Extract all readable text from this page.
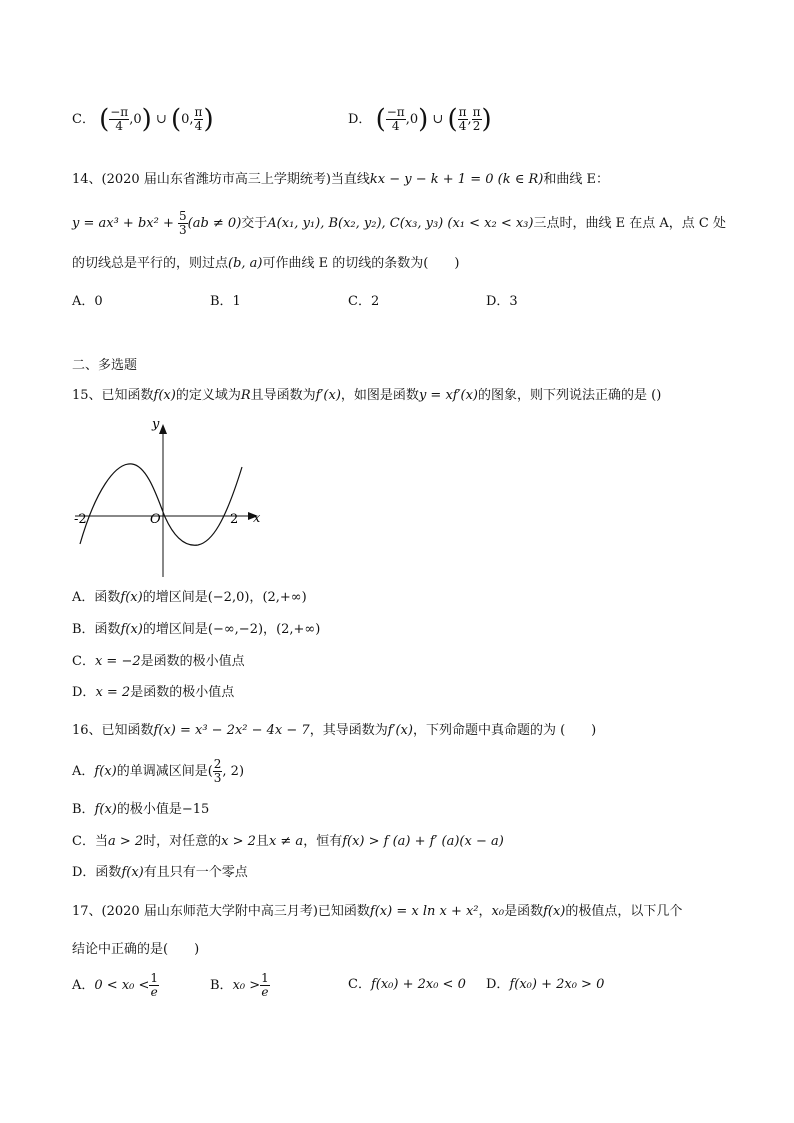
C． ( $\frac{-\pi}{4} ,0$) ∪ (0, $\frac{\pi}{4}$ )	D． ( $\frac{-\pi}{4} ,0$) ∪ ( $\frac{\pi}{4}$ , $\frac{\pi}{2}$ )
14、(2020 届山东省潍坊市高三上学期统考)当直线kx − y − k + 1 = 0 (k ∈ R)和曲线 E：
$y = ax^3 + bx^2 + \frac{5}{3} (ab \ne 0)$交于A(x₁, y₁), B(x₂, y₂), C(x₃, y₃) (x₁ < x₂ < x₃)三点时，曲线 E 在点 A，点 C 处
的切线总是平行的，则过点(b, a)可作曲线 E 的切线的条数为(　　)
A．0	B．1	C．2	D．3
二、多选题
15、已知函数f(x)的定义域为R且导函数为f′(x)，如图是函数y = xf′(x)的图象，则下列说法正确的是 ()
y
x
O
-2	2
A．函数f(x)的增区间是(−2,0)，(2,+∞)
B．函数f(x)的增区间是(−∞,−2)，(2,+∞)
C．x = −2是函数的极小值点
D．x = 2是函数的极小值点
16、已知函数f(x) = x³ − 2x² − 4x − 7，其导函数为f′(x)，下列命题中真命题的为 (　　)
A．f(x)的单调减区间是( $\frac{2}{3}$ , 2)
B．f(x)的极小值是−15
C．当a > 2时，对任意的x > 2且x ≠ a，恒有f(x) > f (a) + f′ (a)(x − a)
D．函数f(x)有且只有一个零点
17、(2020 届山东师范大学附中高三月考)已知函数f(x) = x ln x + x²，x₀是函数f(x)的极值点，以下几个
结论中正确的是(　　)
A．$0 < x_0 < \frac{1}{e}$	B．$x_0 > \frac{1}{e}$	C．f(x₀) + 2x₀ < 0 D．f(x₀) + 2x₀ > 0
